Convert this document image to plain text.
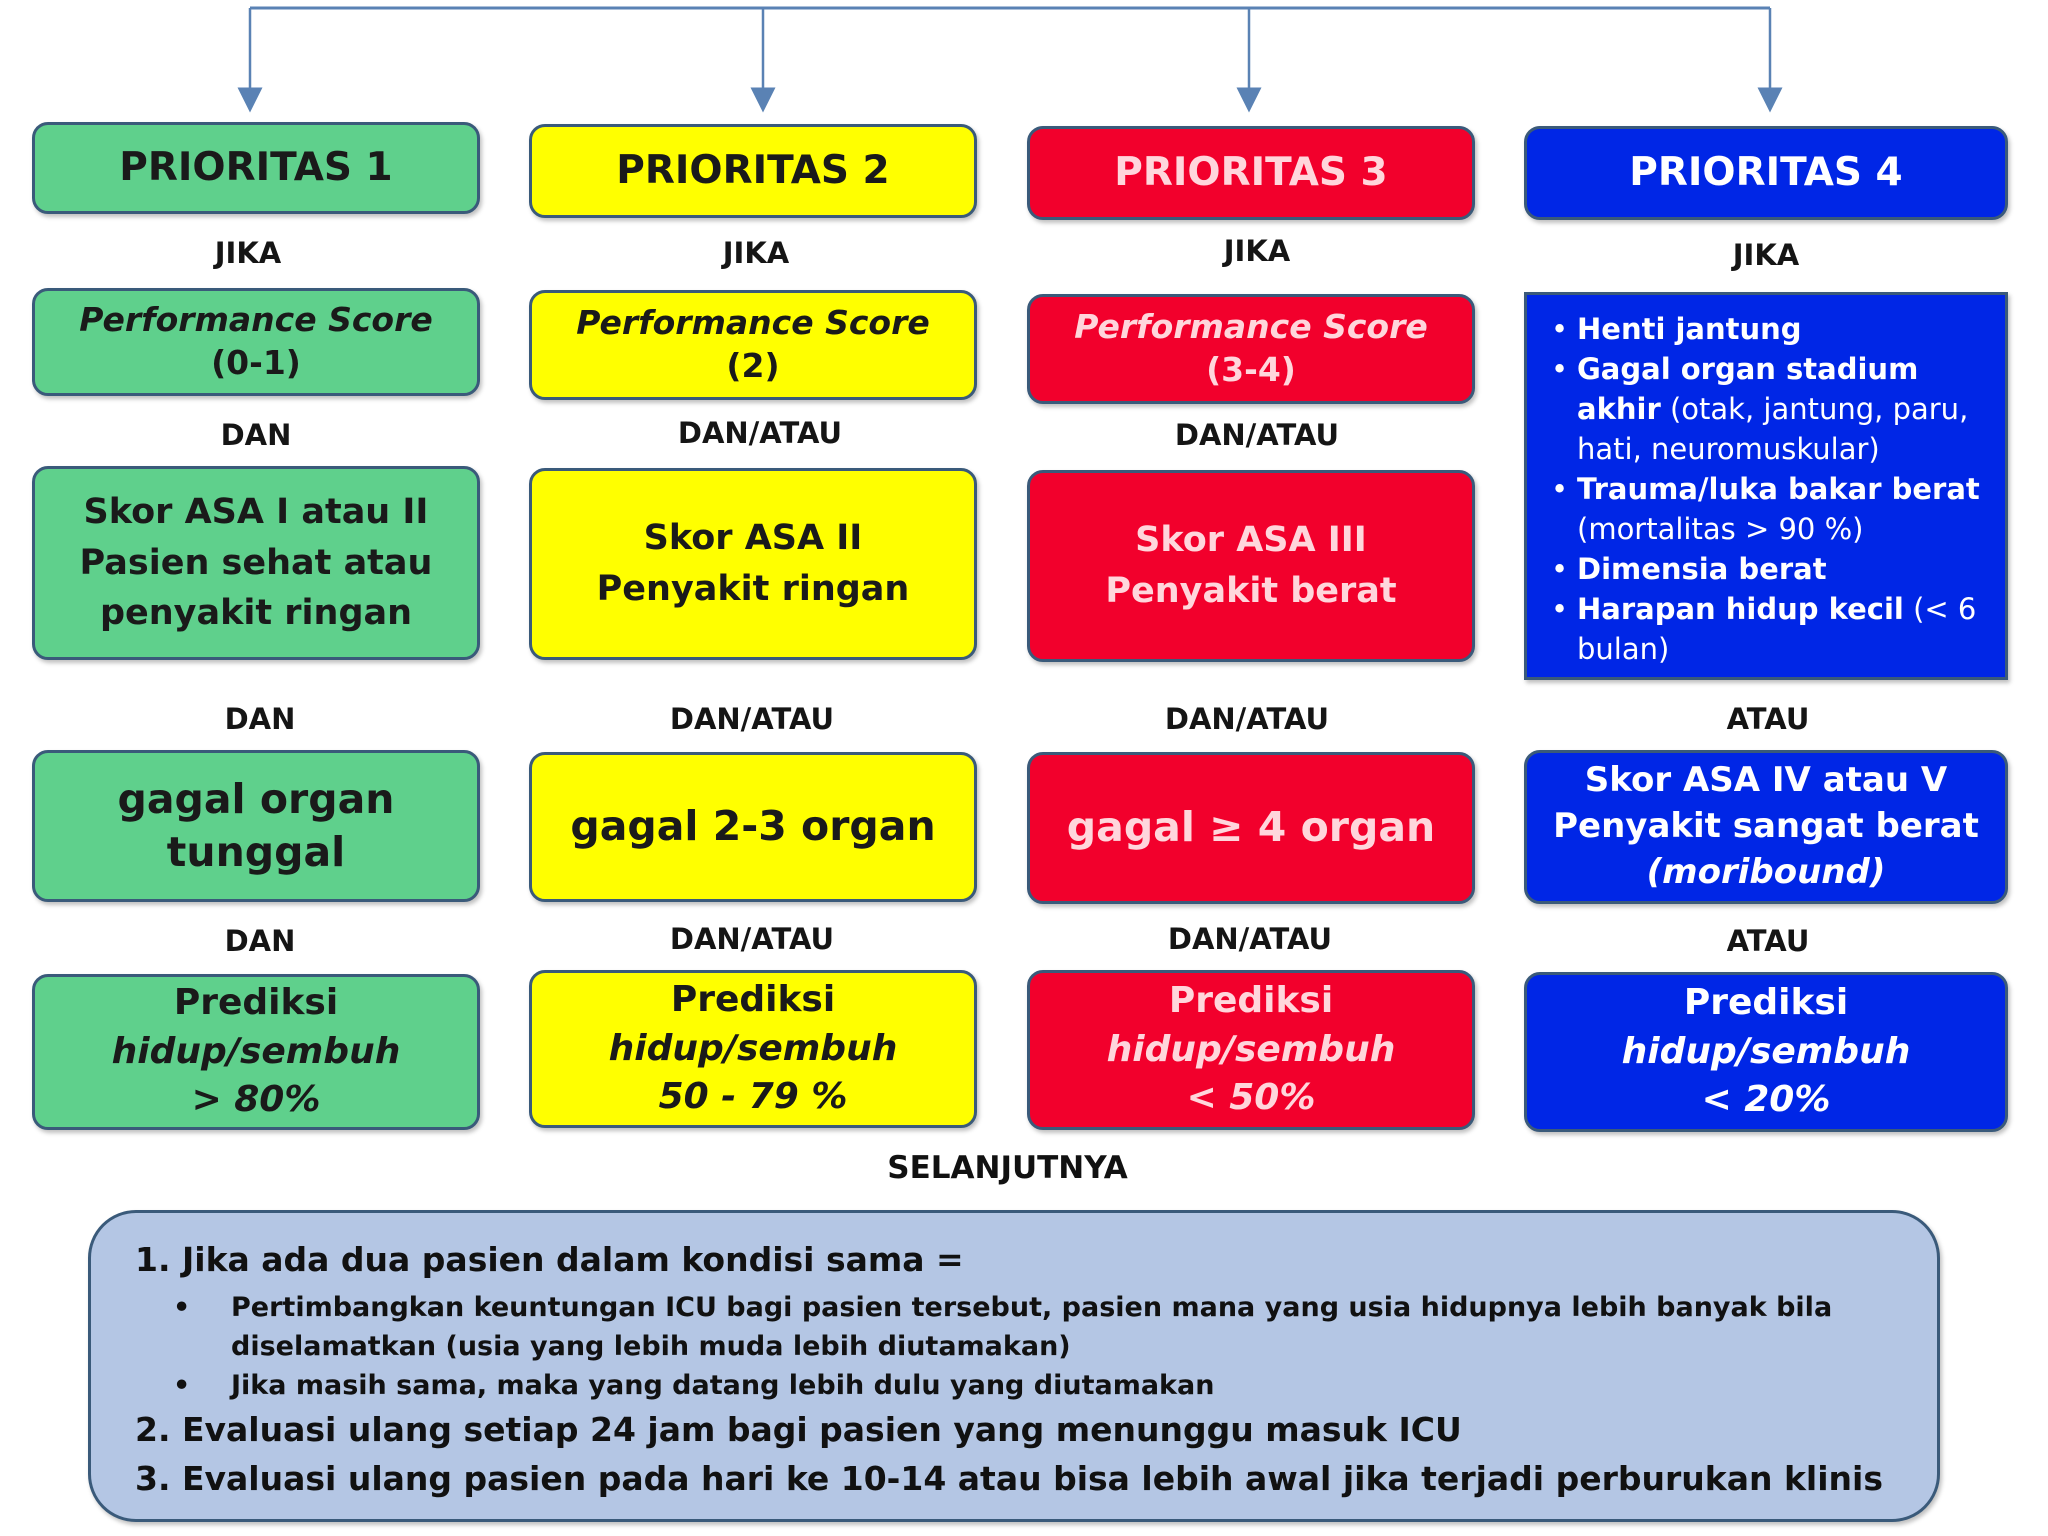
PRIORITAS 1
JIKA
Performance Score
(0-1)
DAN
Skor ASA I atau II
Pasien sehat atau
penyakit ringan
DAN
gagal organ
tunggal
DAN
Prediksi
hidup/sembuh
> 80%
PRIORITAS 2
JIKA
Performance Score
(2)
DAN/ATAU
Skor ASA II
Penyakit ringan
DAN/ATAU
gagal 2-3 organ
DAN/ATAU
Prediksi
hidup/sembuh
50 - 79 %
PRIORITAS 3
JIKA
Performance Score
(3-4)
DAN/ATAU
Skor ASA III
Penyakit berat
DAN/ATAU
gagal ≥ 4 organ
DAN/ATAU
Prediksi
hidup/sembuh
< 50%
PRIORITAS 4
JIKA
• Henti jantung
• Gagal organ stadium akhir (otak, jantung, paru, hati, neuromuskular)
• Trauma/luka bakar berat (mortalitas > 90 %)
• Dimensia berat
• Harapan hidup kecil (< 6 bulan)
ATAU
Skor ASA IV atau V
Penyakit sangat berat
(moribound)
ATAU
Prediksi
hidup/sembuh
< 20%
SELANJUTNYA
1. Jika ada dua pasien dalam kondisi sama =
• Pertimbangkan keuntungan ICU bagi pasien tersebut, pasien mana yang usia hidupnya lebih banyak bila diselamatkan (usia yang lebih muda lebih diutamakan)
• Jika masih sama, maka yang datang lebih dulu yang diutamakan
2. Evaluasi ulang setiap 24 jam bagi pasien yang menunggu masuk ICU
3. Evaluasi ulang pasien pada hari ke 10-14 atau bisa lebih awal jika terjadi perburukan klinis
